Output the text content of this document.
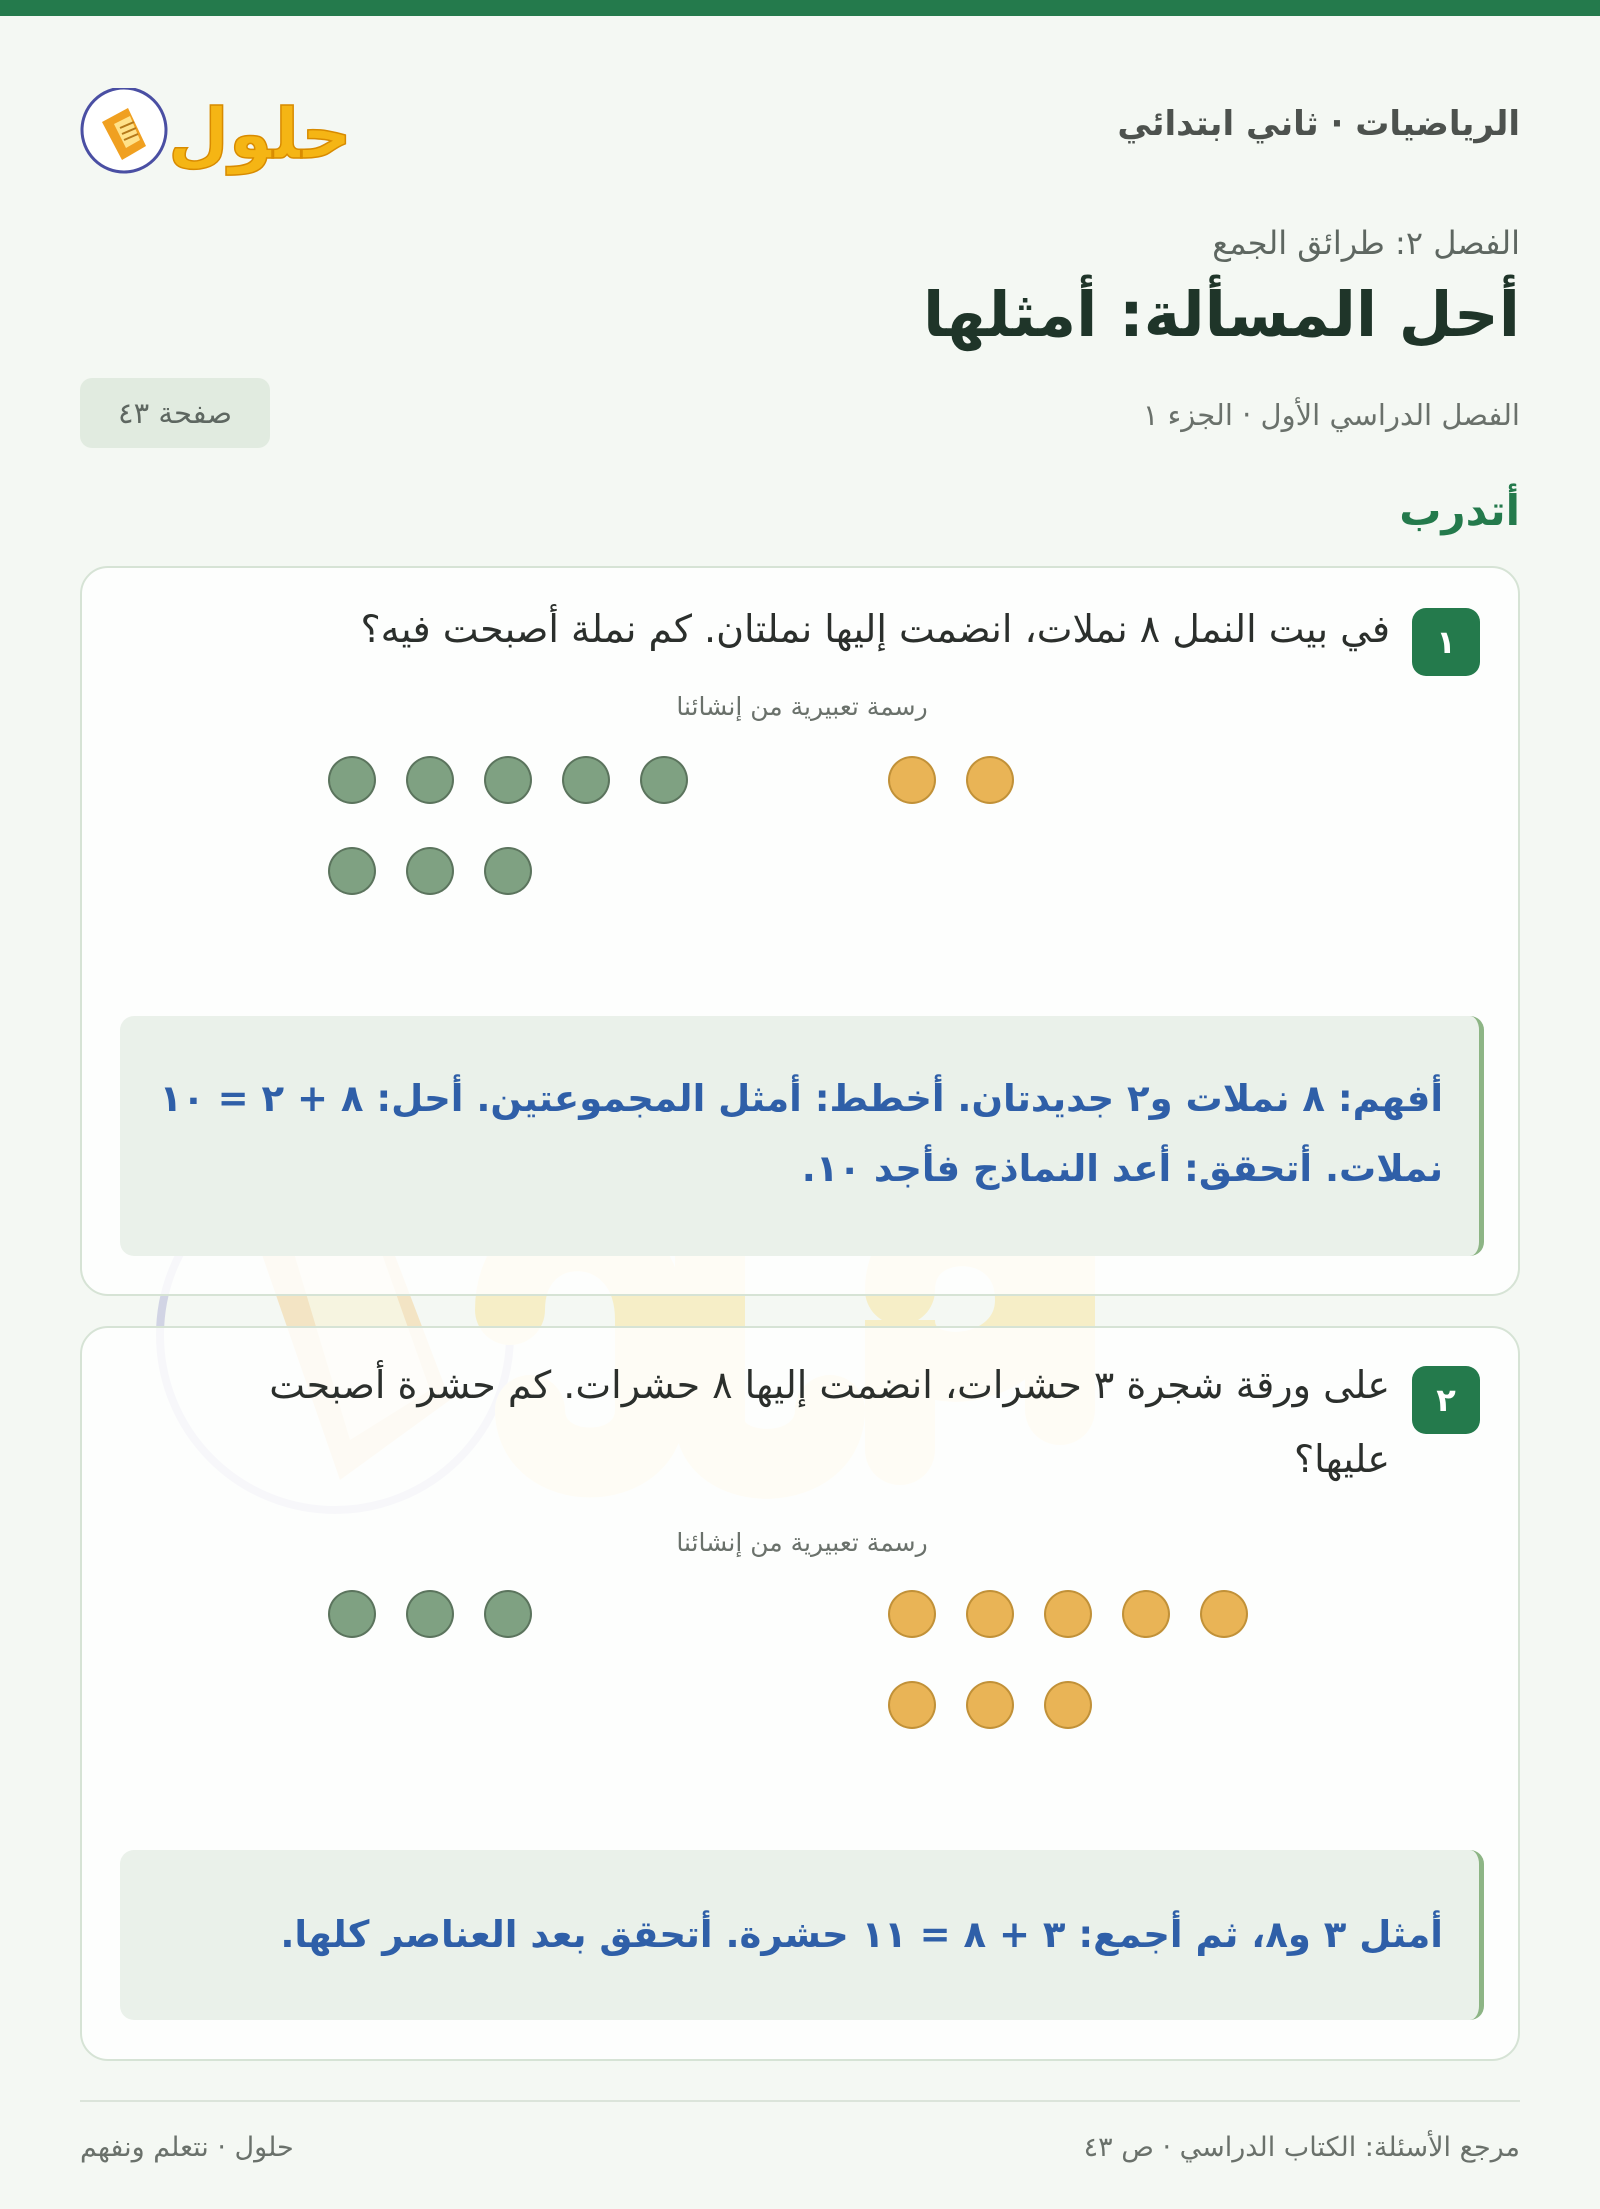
الرياضيات · ثاني ابتدائي
حلول
الفصل ٢: طرائق الجمع
أحل المسألة: أمثلها
الفصل الدراسي الأول · الجزء ١
صفحة ٤٣
أتدرب
١
في بيت النمل ٨ نملات، انضمت إليها نملتان. كم نملة أصبحت فيه؟
رسمة تعبيرية من إنشائنا
أفهم: ٨ نملات و٢ جديدتان. أخطط: أمثل المجموعتين. أحل: ٨ + ٢ = ١٠ نملات. أتحقق: أعد النماذج فأجد ١٠.
٢
على ورقة شجرة ٣ حشرات، انضمت إليها ٨ حشرات. كم حشرة أصبحت عليها؟
رسمة تعبيرية من إنشائنا
أمثل ٣ و٨، ثم أجمع: ٣ + ٨ = ١١ حشرة. أتحقق بعد العناصر كلها.
مرجع الأسئلة: الكتاب الدراسي · ص ٤٣
حلول · نتعلم ونفهم
